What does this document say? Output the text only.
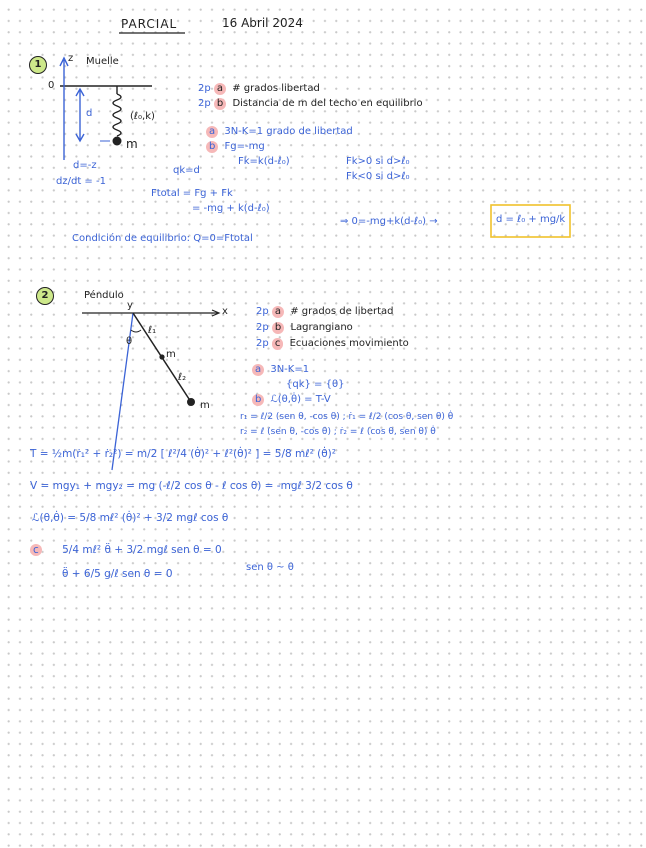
PARCIAL	16 Abril 2024
1
z Muelle
0
d	(ℓ₀,k)
m
2p a # grados libertad
2p b Distancia de m del techo en equilibrio
a 3N-K=1 grado de libertad
b Fg=-mg
Fk=k(d-ℓ₀)	Fk>0 si d>ℓ₀
Fk<0 si d>ℓ₀
qk=d
Ftotal = Fg + Fk
= -mg + k(d-ℓ₀)
d=-z
dz/dt = -1
⇒ 0=-mg+k(d-ℓ₀) →	d = ℓ₀ + mg/k
Condición de equilibrio: Q=0=Ftotal
2	Péndulo
x
y
θ
ℓ₁
ℓ₂
m
m
2p a # grados de libertad
2p b Lagrangiano
2p c Ecuaciones movimiento
a 3N-K=1
{qk} = {θ}
b ℒ(θ,θ̇) = T-V
r₁ = ℓ/2 (sen θ, -cos θ) ; ṙ₁ = ℓ/2 (cos θ, sen θ) θ̇
r₂ = ℓ (sen θ, -cos θ) ; ṙ₂ = ℓ (cos θ, sen θ) θ̇
T = ½m(ṙ₁² + ṙ₂²) = m/2 [ ℓ²/4 (θ̇)² + ℓ²(θ̇)² ] = 5/8 mℓ² (θ̇)²
V = mgy₁ + mgy₂ = mg (-ℓ/2 cos θ - ℓ cos θ) = -mgℓ 3/2 cos θ
ℒ(θ,θ̇) = 5/8 mℓ² (θ̇)² + 3/2 mgℓ cos θ
c 5/4 mℓ² θ̈ + 3/2 mgℓ sen θ = 0
θ̈ + 6/5 g/ℓ sen θ = 0
sen θ ~ θ
